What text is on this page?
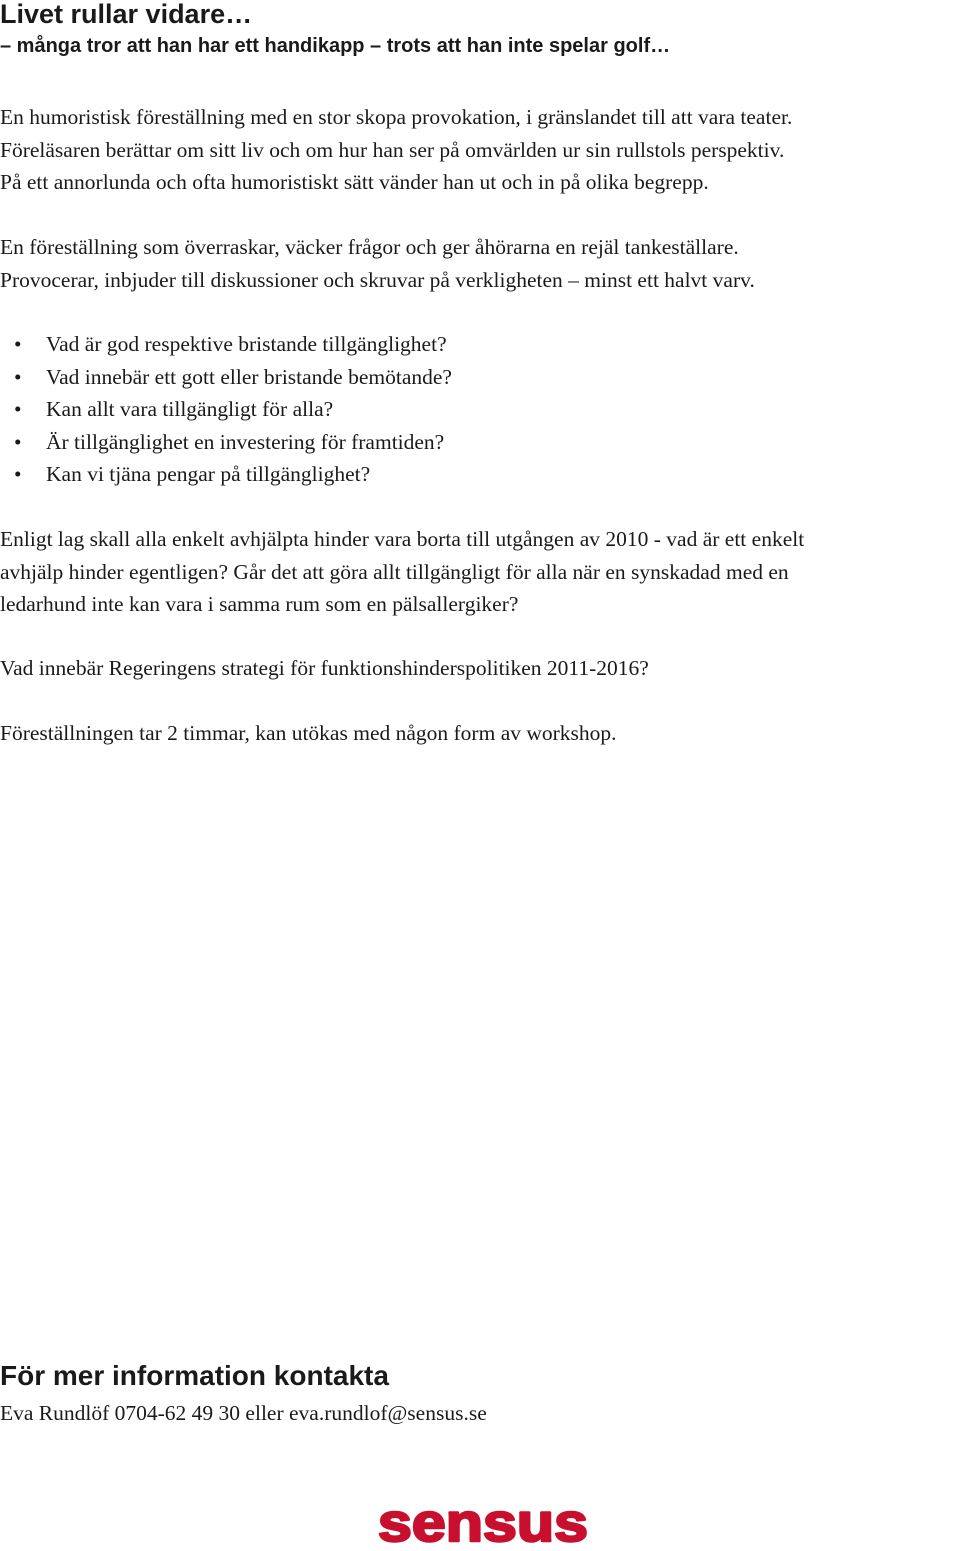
Livet rullar vidare…
– många tror att han har ett handikapp – trots att han inte spelar golf…

En humoristisk föreställning med en stor skopa provokation, i gränslandet till att vara teater.
Föreläsaren berättar om sitt liv och om hur han ser på omvärlden ur sin rullstols perspektiv.
På ett annorlunda och ofta humoristiskt sätt vänder han ut och in på olika begrepp.

En föreställning som överraskar, väcker frågor och ger åhörarna en rejäl tankeställare.
Provocerar, inbjuder till diskussioner och skruvar på verkligheten – minst ett halvt varv.

• Vad är god respektive bristande tillgänglighet?
• Vad innebär ett gott eller bristande bemötande?
• Kan allt vara tillgängligt för alla?
• Är tillgänglighet en investering för framtiden?
• Kan vi tjäna pengar på tillgänglighet?

Enligt lag skall alla enkelt avhjälpta hinder vara borta till utgången av 2010 - vad är ett enkelt
avhjälp hinder egentligen? Går det att göra allt tillgängligt för alla när en synskadad med en
ledarhund inte kan vara i samma rum som en pälsallergiker?

Vad innebär Regeringens strategi för funktionshinderspolitiken 2011-2016?

Föreställningen tar 2 timmar, kan utökas med någon form av workshop.

För mer information kontakta
Eva Rundlöf 0704-62 49 30 eller eva.rundlof@sensus.se
sensus
